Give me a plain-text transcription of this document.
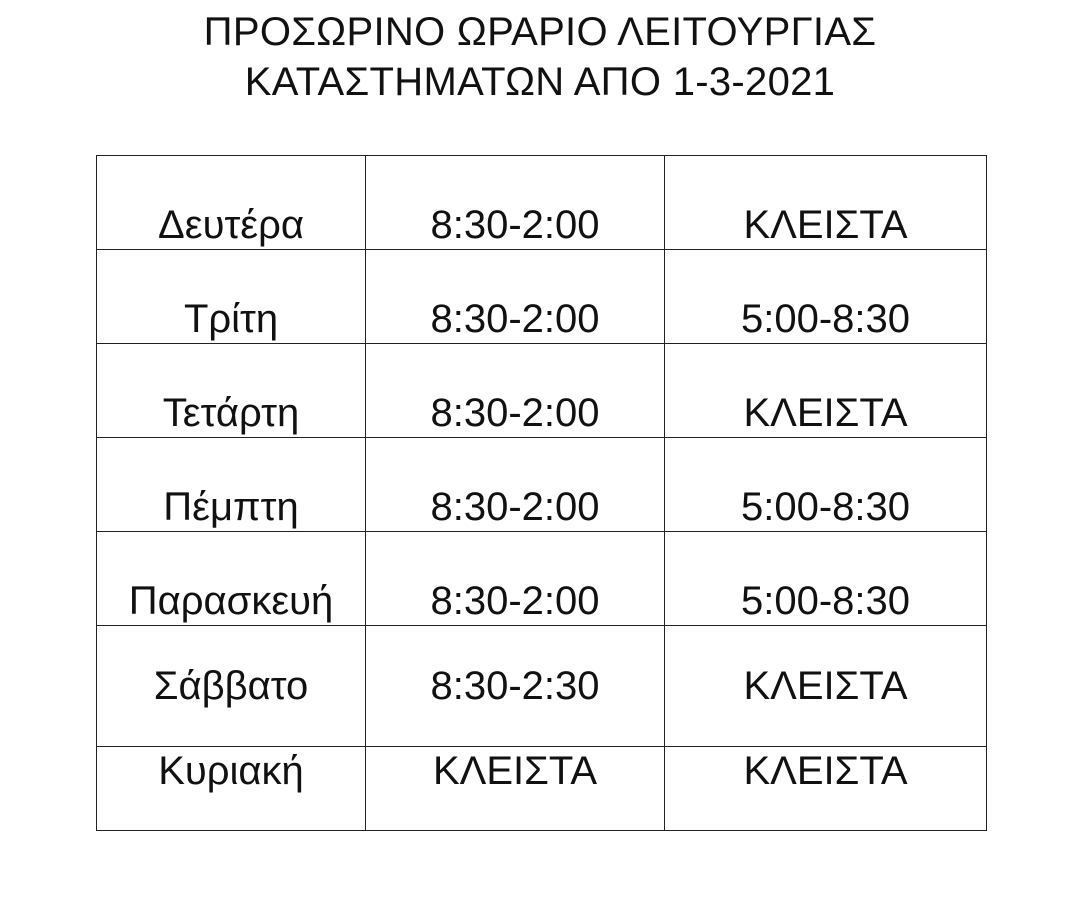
ΠΡΟΣΩΡΙΝΟ ΩΡΑΡΙΟ ΛΕΙΤΟΥΡΓΙΑΣ
ΚΑΤΑΣΤΗΜΑΤΩΝ ΑΠΟ 1-3-2021
Δευτέρα	8:30-2:00	ΚΛΕΙΣΤΑ
Τρίτη	8:30-2:00	5:00-8:30
Τετάρτη	8:30-2:00	ΚΛΕΙΣΤΑ
Πέμπτη	8:30-2:00	5:00-8:30
Παρασκευή	8:30-2:00	5:00-8:30
Σάββατο	8:30-2:30	ΚΛΕΙΣΤΑ
Κυριακή	ΚΛΕΙΣΤΑ	ΚΛΕΙΣΤΑ
